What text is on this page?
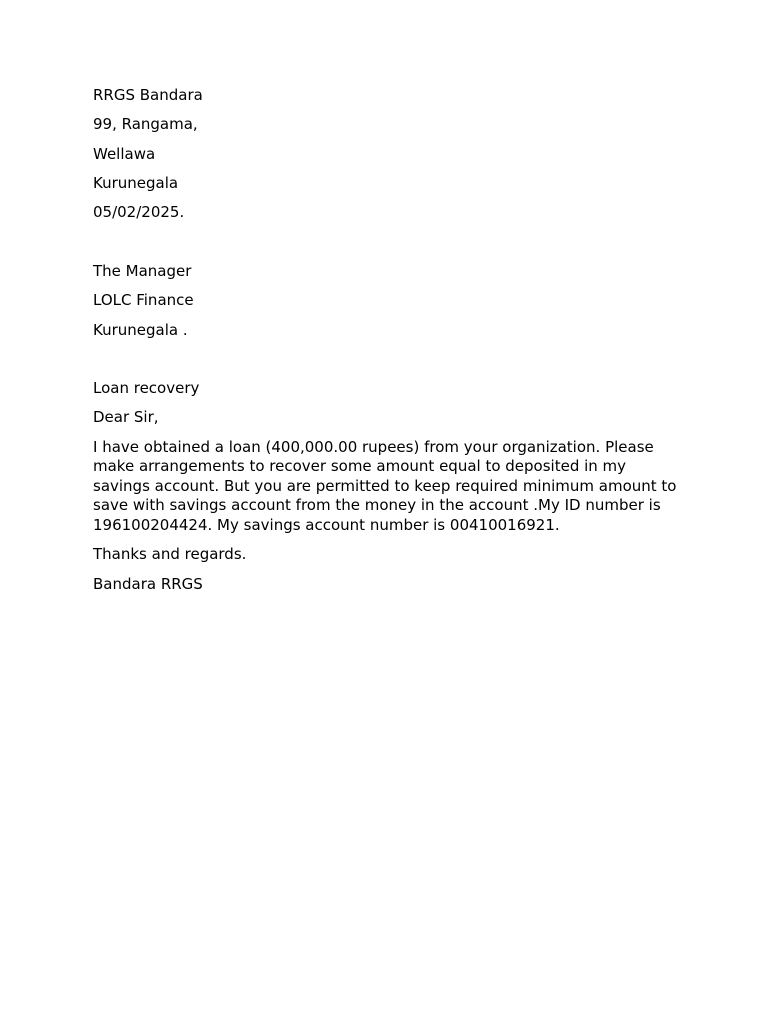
RRGS Bandara
99, Rangama,
Wellawa
Kurunegala
05/02/2025.
The Manager
LOLC Finance
Kurunegala .
Loan recovery
Dear Sir,
I have obtained a loan (400,000.00 rupees) from your organization. Please make arrangements to recover some amount equal to deposited in my savings account. But you are permitted to keep required minimum amount to save with savings account from the money in the account .My ID number is 196100204424. My savings account number is 00410016921.
Thanks and regards.
Bandara RRGS
